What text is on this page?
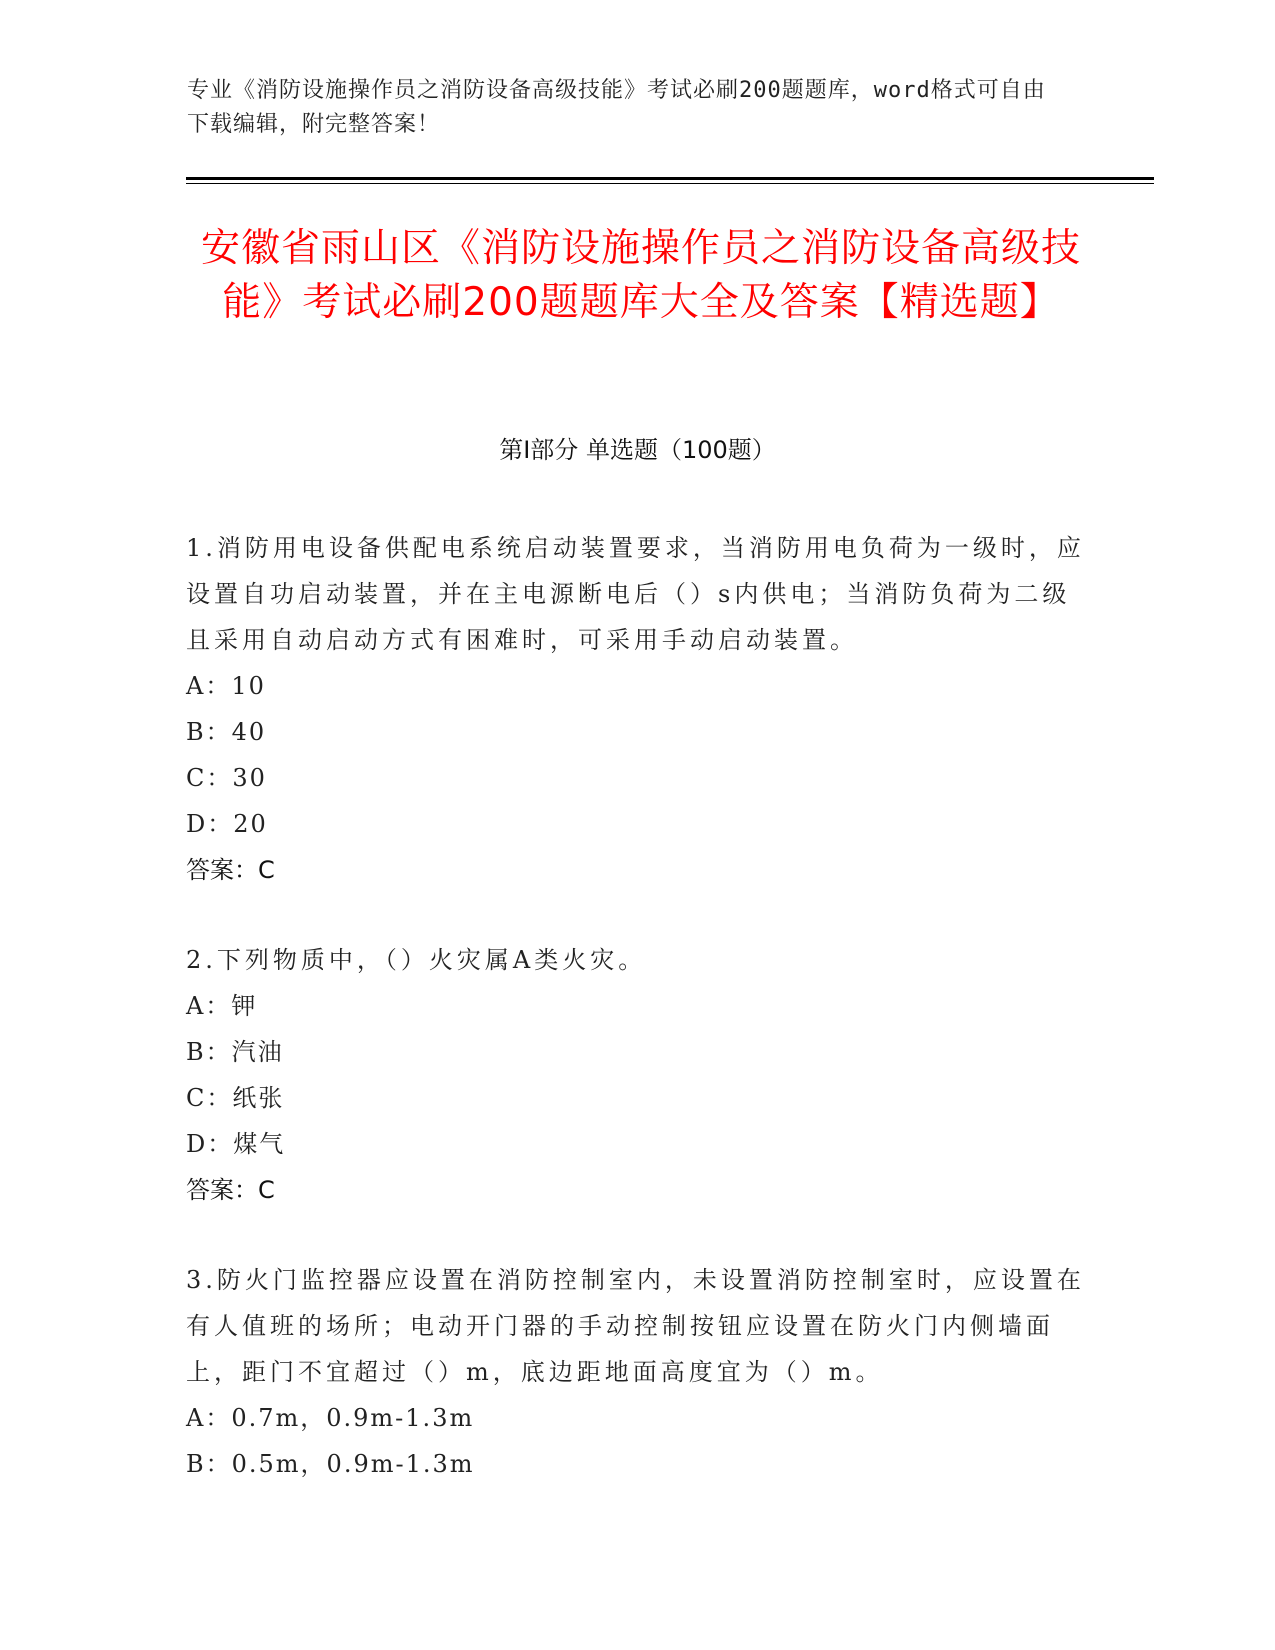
专业《消防设施操作员之消防设备高级技能》考试必刷200题题库，word格式可自由下载编辑，附完整答案！
安徽省雨山区《消防设施操作员之消防设备高级技能》考试必刷200题题库大全及答案【精选题】
第I部分 单选题（100题）
1.消防用电设备供配电系统启动装置要求，当消防用电负荷为一级时，应设置自功启动装置，并在主电源断电后（）s内供电；当消防负荷为二级且采用自动启动方式有困难时，可采用手动启动装置。
A：10
B：40
C：30
D：20
答案：C
2.下列物质中，（）火灾属A类火灾。
A：钾
B：汽油
C：纸张
D：煤气
答案：C
3.防火门监控器应设置在消防控制室内，未设置消防控制室时，应设置在有人值班的场所；电动开门器的手动控制按钮应设置在防火门内侧墙面上，距门不宜超过（）m，底边距地面高度宜为（）m。
A：0.7m，0.9m-1.3m
B：0.5m，0.9m-1.3m
